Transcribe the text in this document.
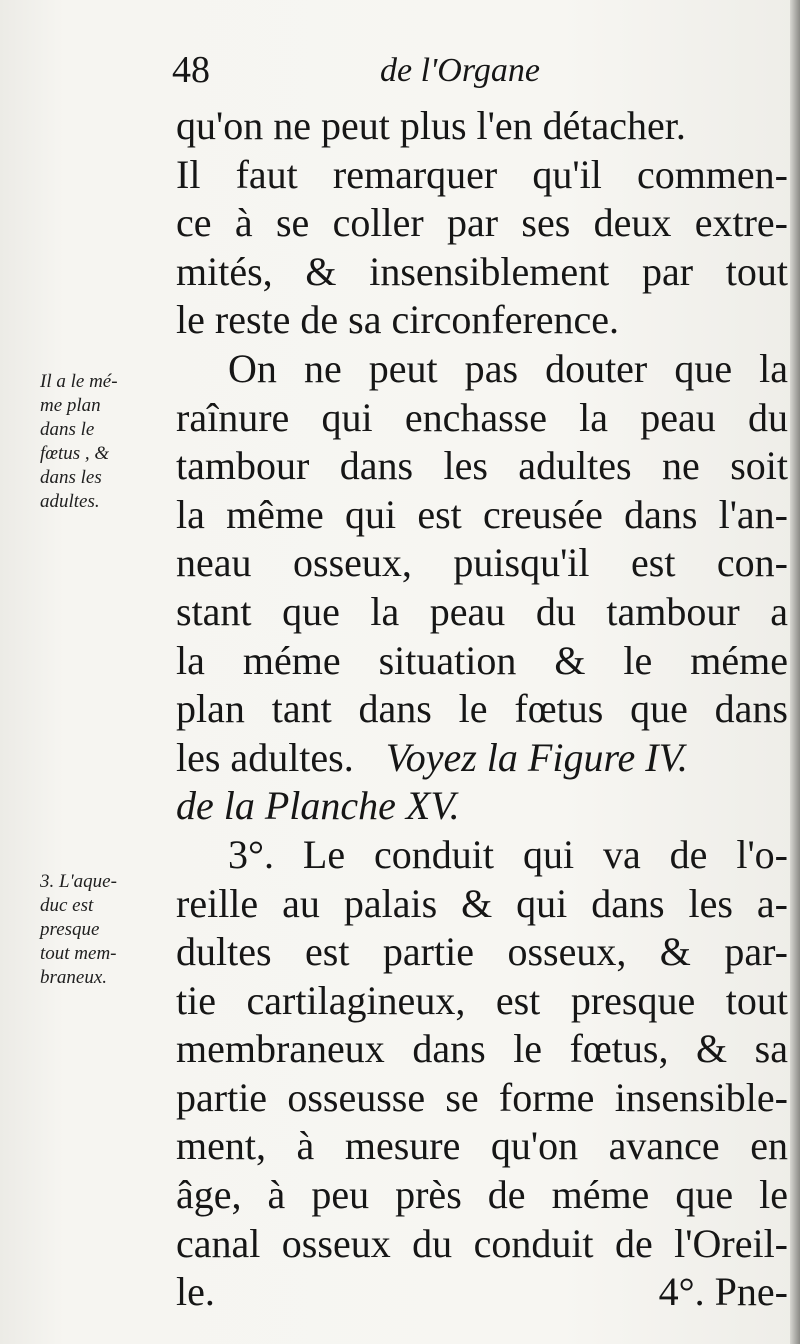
48	de l'Organe
Il a le mé-
me plan
dans le
fœtus , &
dans les
adultes.
3. L'aque-
duc est
presque
tout mem-
braneux.
qu'on ne peut plus l'en détacher.
Il faut remarquer qu'il commen-
ce à se coller par ses deux extre-
mités, & insensiblement par tout
le reste de sa circonference.
On ne peut pas douter que la
raînure qui enchasse la peau du
tambour dans les adultes ne soit
la même qui est creusée dans l'an-
neau osseux, puisqu'il est con-
stant que la peau du tambour a
la méme situation & le méme
plan tant dans le fœtus que dans
les adultes. Voyez la Figure IV.
de la Planche XV.
3°. Le conduit qui va de l'o-
reille au palais & qui dans les a-
dultes est partie osseux, & par-
tie cartilagineux, est presque tout
membraneux dans le fœtus, & sa
partie osseusse se forme insensible-
ment, à mesure qu'on avance en
âge, à peu près de méme que le
canal osseux du conduit de l'Oreil-
le.	4°. Pne-
